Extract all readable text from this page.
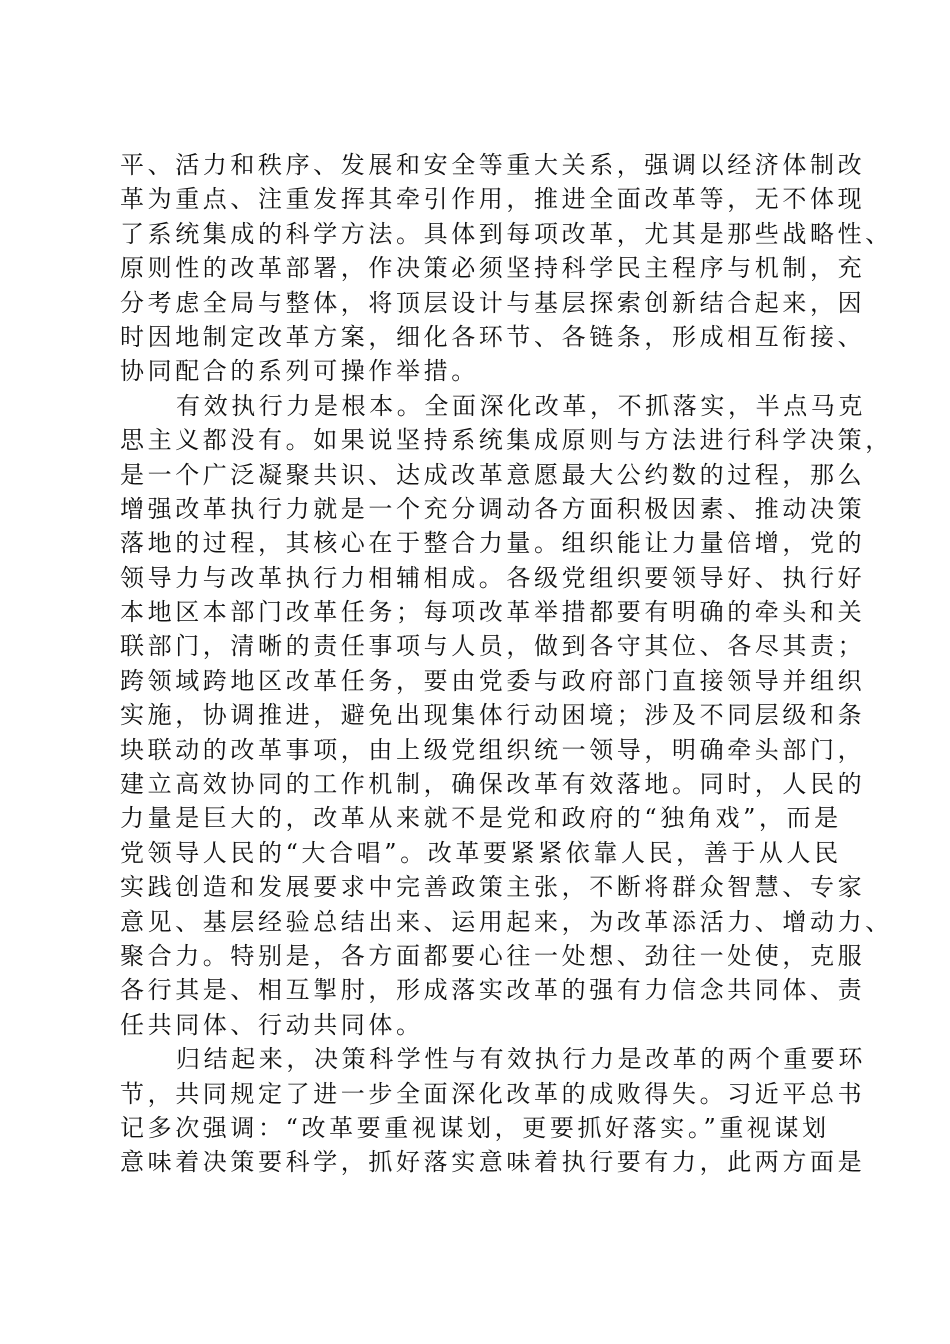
平、活力和秩序、发展和安全等重大关系，强调以经济体制改
革为重点、注重发挥其牵引作用，推进全面改革等，无不体现
了系统集成的科学方法。具体到每项改革，尤其是那些战略性、
原则性的改革部署，作决策必须坚持科学民主程序与机制，充
分考虑全局与整体，将顶层设计与基层探索创新结合起来，因
时因地制定改革方案，细化各环节、各链条，形成相互衔接、
协同配合的系列可操作举措。
有效执行力是根本。全面深化改革，不抓落实，半点马克
思主义都没有。如果说坚持系统集成原则与方法进行科学决策，
是一个广泛凝聚共识、达成改革意愿最大公约数的过程，那么
增强改革执行力就是一个充分调动各方面积极因素、推动决策
落地的过程，其核心在于整合力量。组织能让力量倍增，党的
领导力与改革执行力相辅相成。各级党组织要领导好、执行好
本地区本部门改革任务；每项改革举措都要有明确的牵头和关
联部门，清晰的责任事项与人员，做到各守其位、各尽其责；
跨领域跨地区改革任务，要由党委与政府部门直接领导并组织
实施，协调推进，避免出现集体行动困境；涉及不同层级和条
块联动的改革事项，由上级党组织统一领导，明确牵头部门，
建立高效协同的工作机制，确保改革有效落地。同时，人民的
力量是巨大的，改革从来就不是党和政府的“独角戏”，而是
党领导人民的“大合唱”。改革要紧紧依靠人民，善于从人民
实践创造和发展要求中完善政策主张，不断将群众智慧、专家
意见、基层经验总结出来、运用起来，为改革添活力、增动力、
聚合力。特别是，各方面都要心往一处想、劲往一处使，克服
各行其是、相互掣肘，形成落实改革的强有力信念共同体、责
任共同体、行动共同体。
归结起来，决策科学性与有效执行力是改革的两个重要环
节，共同规定了进一步全面深化改革的成败得失。习近平总书
记多次强调：“改革要重视谋划，更要抓好落实。”重视谋划
意味着决策要科学，抓好落实意味着执行要有力，此两方面是
